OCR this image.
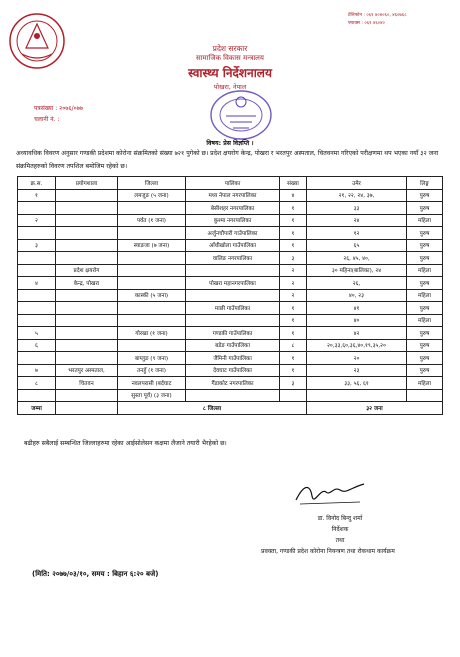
टेलिफोन : ०६१ ४०४०६०, ४६०७६८
फ्याक्स : ०६१ ४६०४०
प्रदेश सरकार
सामाजिक विकास मन्त्रालय
स्वास्थ्य निर्देशनालय
पोखरा, नेपाल
पत्रसंख्या : २०७६/०७७
चलानी नं. :
विषय: प्रेस विज्ञप्ति ।
अध्यावधिक विवरण अनुसार गण्डकी प्रदेशमा कोरोना संक्रमितको संख्या ७२१ पुगेको छ। प्रदेश क्षयरोग केन्द्र, पोखरा र भरतपुर अस्पताल, चितवनमा गरिएको परीक्षणमा थप भएका नयाँ ३२ जना संक्रमितहरुको विवरण तपशिल बमोजिम रहेको छ।
क्र.स.	प्रयोगशाला	जिल्ला	पालिका	संख्या	उमेर	लिङ्ग
१		लमजुङ (५ जना)	मध्य नेपाल नगरपालिका	४	२१, २२, २४, ३७,	पुरुष
			बेसीशहर नगरपालिका	१	३३	पुरुष
२		पर्वत (१ जना)	कुश्मा नगरपालिका	१	२४	महिला
			अर्जुनचौपारी गाउँपालिका	१	१२	पुरुष
३		स्याङजा (७ जना)	आँधीखोला गाउँपालिका	१	६५	पुरुष
			वालिङ नगरपालिका	३	२६, ४५, ४०,	पुरुष
	प्रदेश क्षयरोग			२	३० महिना(बालिका), २४	महिला
४	केन्द्र, पोखरा		पोखरा महानगरपालिका	२	२६,	पुरुष
		कास्की (५ जना)		२	४०, २३	महिला
			माछी गाउँपालिका	१	४१	पुरुष
				१	४०	महिला
५		गोरखा (१ जना)	गण्डकी गाउँपालिका	१	४२	पुरुष
६			बडेङ गाउँपालिका	८	२०,३३,६०,३६,४०,१९,३५,२०	पुरुष
		बाग्लुङ (९ जना)	जैमिनी गाउँपालिका	१	२०	पुरुष
७	भरतपुर अस्पताल,	तनहुँ (१ जना)	देवघाट गाउँपालिका	१	२३	पुरुष
८	चितवन	नवलपरासी (बर्दघाट	गैंडाकोट नगरपालिका	३	३३, ५६, ६१	महिला
		सुस्ता पूर्व) (३ जना)				
जम्मा		८ जिल्ला			३२ जना	
बढीहरु सबैलाई सम्बन्धित जिल्लाहरुमा रहेका आईसोलेसन कक्षमा लैजाने तयारी भैरहेको छ।
डा. विनोद बिन्दु शर्मा
निर्देशक
तथा
प्रवक्ता, गण्डकी प्रदेश कोरोना नियन्त्रण तथा रोकथाम कार्यक्रम
(मिति: २०७७/०३/१०, समय : बिहान ६:२० बजे)
